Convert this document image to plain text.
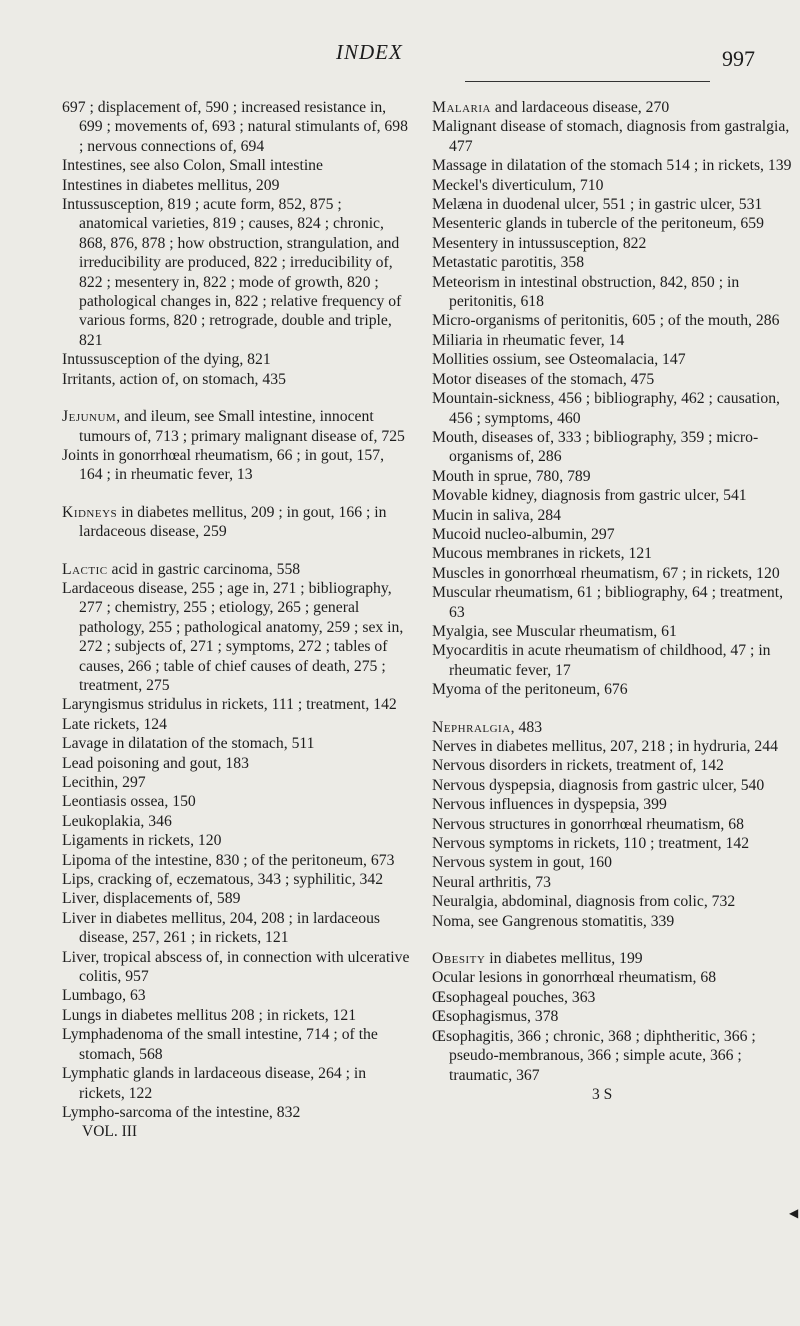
INDEX	997

697 ; displacement of, 590 ; increased resistance in, 699 ; movements of, 693 ; natural stimulants of, 698 ; nervous connections of, 694

Intestines, see also Colon, Small intestine

Intestines in diabetes mellitus, 209

Intussusception, 819 ; acute form, 852, 875 ; anatomical varieties, 819 ; causes, 824 ; chronic, 868, 876, 878 ; how obstruction, strangulation, and irreducibility are produced, 822 ; irreducibility of, 822 ; mesentery in, 822 ; mode of growth, 820 ; pathological changes in, 822 ; relative frequency of various forms, 820 ; retrograde, double and triple, 821

Intussusception of the dying, 821

Irritants, action of, on stomach, 435

Jejunum, and ileum, see Small intestine, innocent tumours of, 713 ; primary malignant disease of, 725

Joints in gonorrhœal rheumatism, 66 ; in gout, 157, 164 ; in rheumatic fever, 13

Kidneys in diabetes mellitus, 209 ; in gout, 166 ; in lardaceous disease, 259

Lactic acid in gastric carcinoma, 558

Lardaceous disease, 255 ; age in, 271 ; bibliography, 277 ; chemistry, 255 ; etiology, 265 ; general pathology, 255 ; pathological anatomy, 259 ; sex in, 272 ; subjects of, 271 ; symptoms, 272 ; tables of causes, 266 ; table of chief causes of death, 275 ; treatment, 275

Laryngismus stridulus in rickets, 111 ; treatment, 142

Late rickets, 124

Lavage in dilatation of the stomach, 511

Lead poisoning and gout, 183

Lecithin, 297

Leontiasis ossea, 150

Leukoplakia, 346

Ligaments in rickets, 120

Lipoma of the intestine, 830 ; of the peritoneum, 673

Lips, cracking of, eczematous, 343 ; syphilitic, 342

Liver, displacements of, 589

Liver in diabetes mellitus, 204, 208 ; in lardaceous disease, 257, 261 ; in rickets, 121

Liver, tropical abscess of, in connection with ulcerative colitis, 957

Lumbago, 63

Lungs in diabetes mellitus 208 ; in rickets, 121

Lymphadenoma of the small intestine, 714 ; of the stomach, 568

Lymphatic glands in lardaceous disease, 264 ; in rickets, 122

Lympho-sarcoma of the intestine, 832

VOL. III

Malaria and lardaceous disease, 270

Malignant disease of stomach, diagnosis from gastralgia, 477

Massage in dilatation of the stomach 514 ; in rickets, 139

Meckel's diverticulum, 710

Melæna in duodenal ulcer, 551 ; in gastric ulcer, 531

Mesenteric glands in tubercle of the peritoneum, 659

Mesentery in intussusception, 822

Metastatic parotitis, 358

Meteorism in intestinal obstruction, 842, 850 ; in peritonitis, 618

Micro-organisms of peritonitis, 605 ; of the mouth, 286

Miliaria in rheumatic fever, 14

Mollities ossium, see Osteomalacia, 147

Motor diseases of the stomach, 475

Mountain-sickness, 456 ; bibliography, 462 ; causation, 456 ; symptoms, 460

Mouth, diseases of, 333 ; bibliography, 359 ; micro-organisms of, 286

Mouth in sprue, 780, 789

Movable kidney, diagnosis from gastric ulcer, 541

Mucin in saliva, 284

Mucoid nucleo-albumin, 297

Mucous membranes in rickets, 121

Muscles in gonorrhœal rheumatism, 67 ; in rickets, 120

Muscular rheumatism, 61 ; bibliography, 64 ; treatment, 63

Myalgia, see Muscular rheumatism, 61

Myocarditis in acute rheumatism of childhood, 47 ; in rheumatic fever, 17

Myoma of the peritoneum, 676

Nephralgia, 483

Nerves in diabetes mellitus, 207, 218 ; in hydruria, 244

Nervous disorders in rickets, treatment of, 142

Nervous dyspepsia, diagnosis from gastric ulcer, 540

Nervous influences in dyspepsia, 399

Nervous structures in gonorrhœal rheumatism, 68

Nervous symptoms in rickets, 110 ; treatment, 142

Nervous system in gout, 160

Neural arthritis, 73

Neuralgia, abdominal, diagnosis from colic, 732

Noma, see Gangrenous stomatitis, 339

Obesity in diabetes mellitus, 199

Ocular lesions in gonorrhœal rheumatism, 68

Œsophageal pouches, 363

Œsophagismus, 378

Œsophagitis, 366 ; chronic, 368 ; diphtheritic, 366 ; pseudo-membranous, 366 ; simple acute, 366 ; traumatic, 367

3 S
◀
